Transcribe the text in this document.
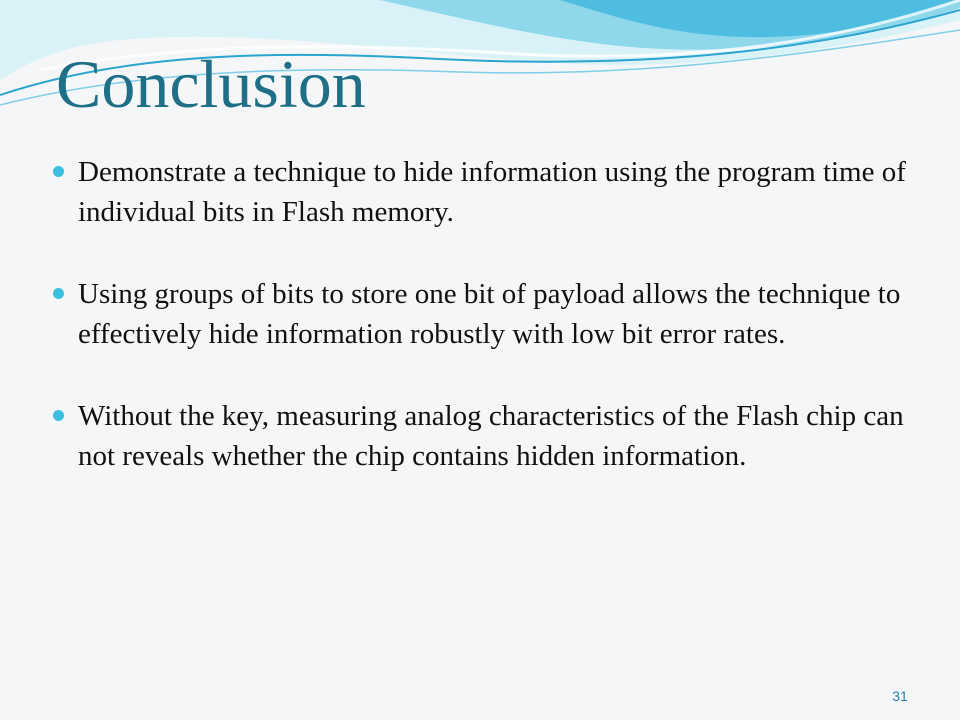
Conclusion
Demonstrate a technique to hide information using the program time of individual bits in Flash memory.
Using groups of bits to store one bit of payload allows the technique to effectively hide information robustly with low bit error rates.
Without the key, measuring analog characteristics of the Flash chip can not reveals whether the chip contains hidden information.
31
